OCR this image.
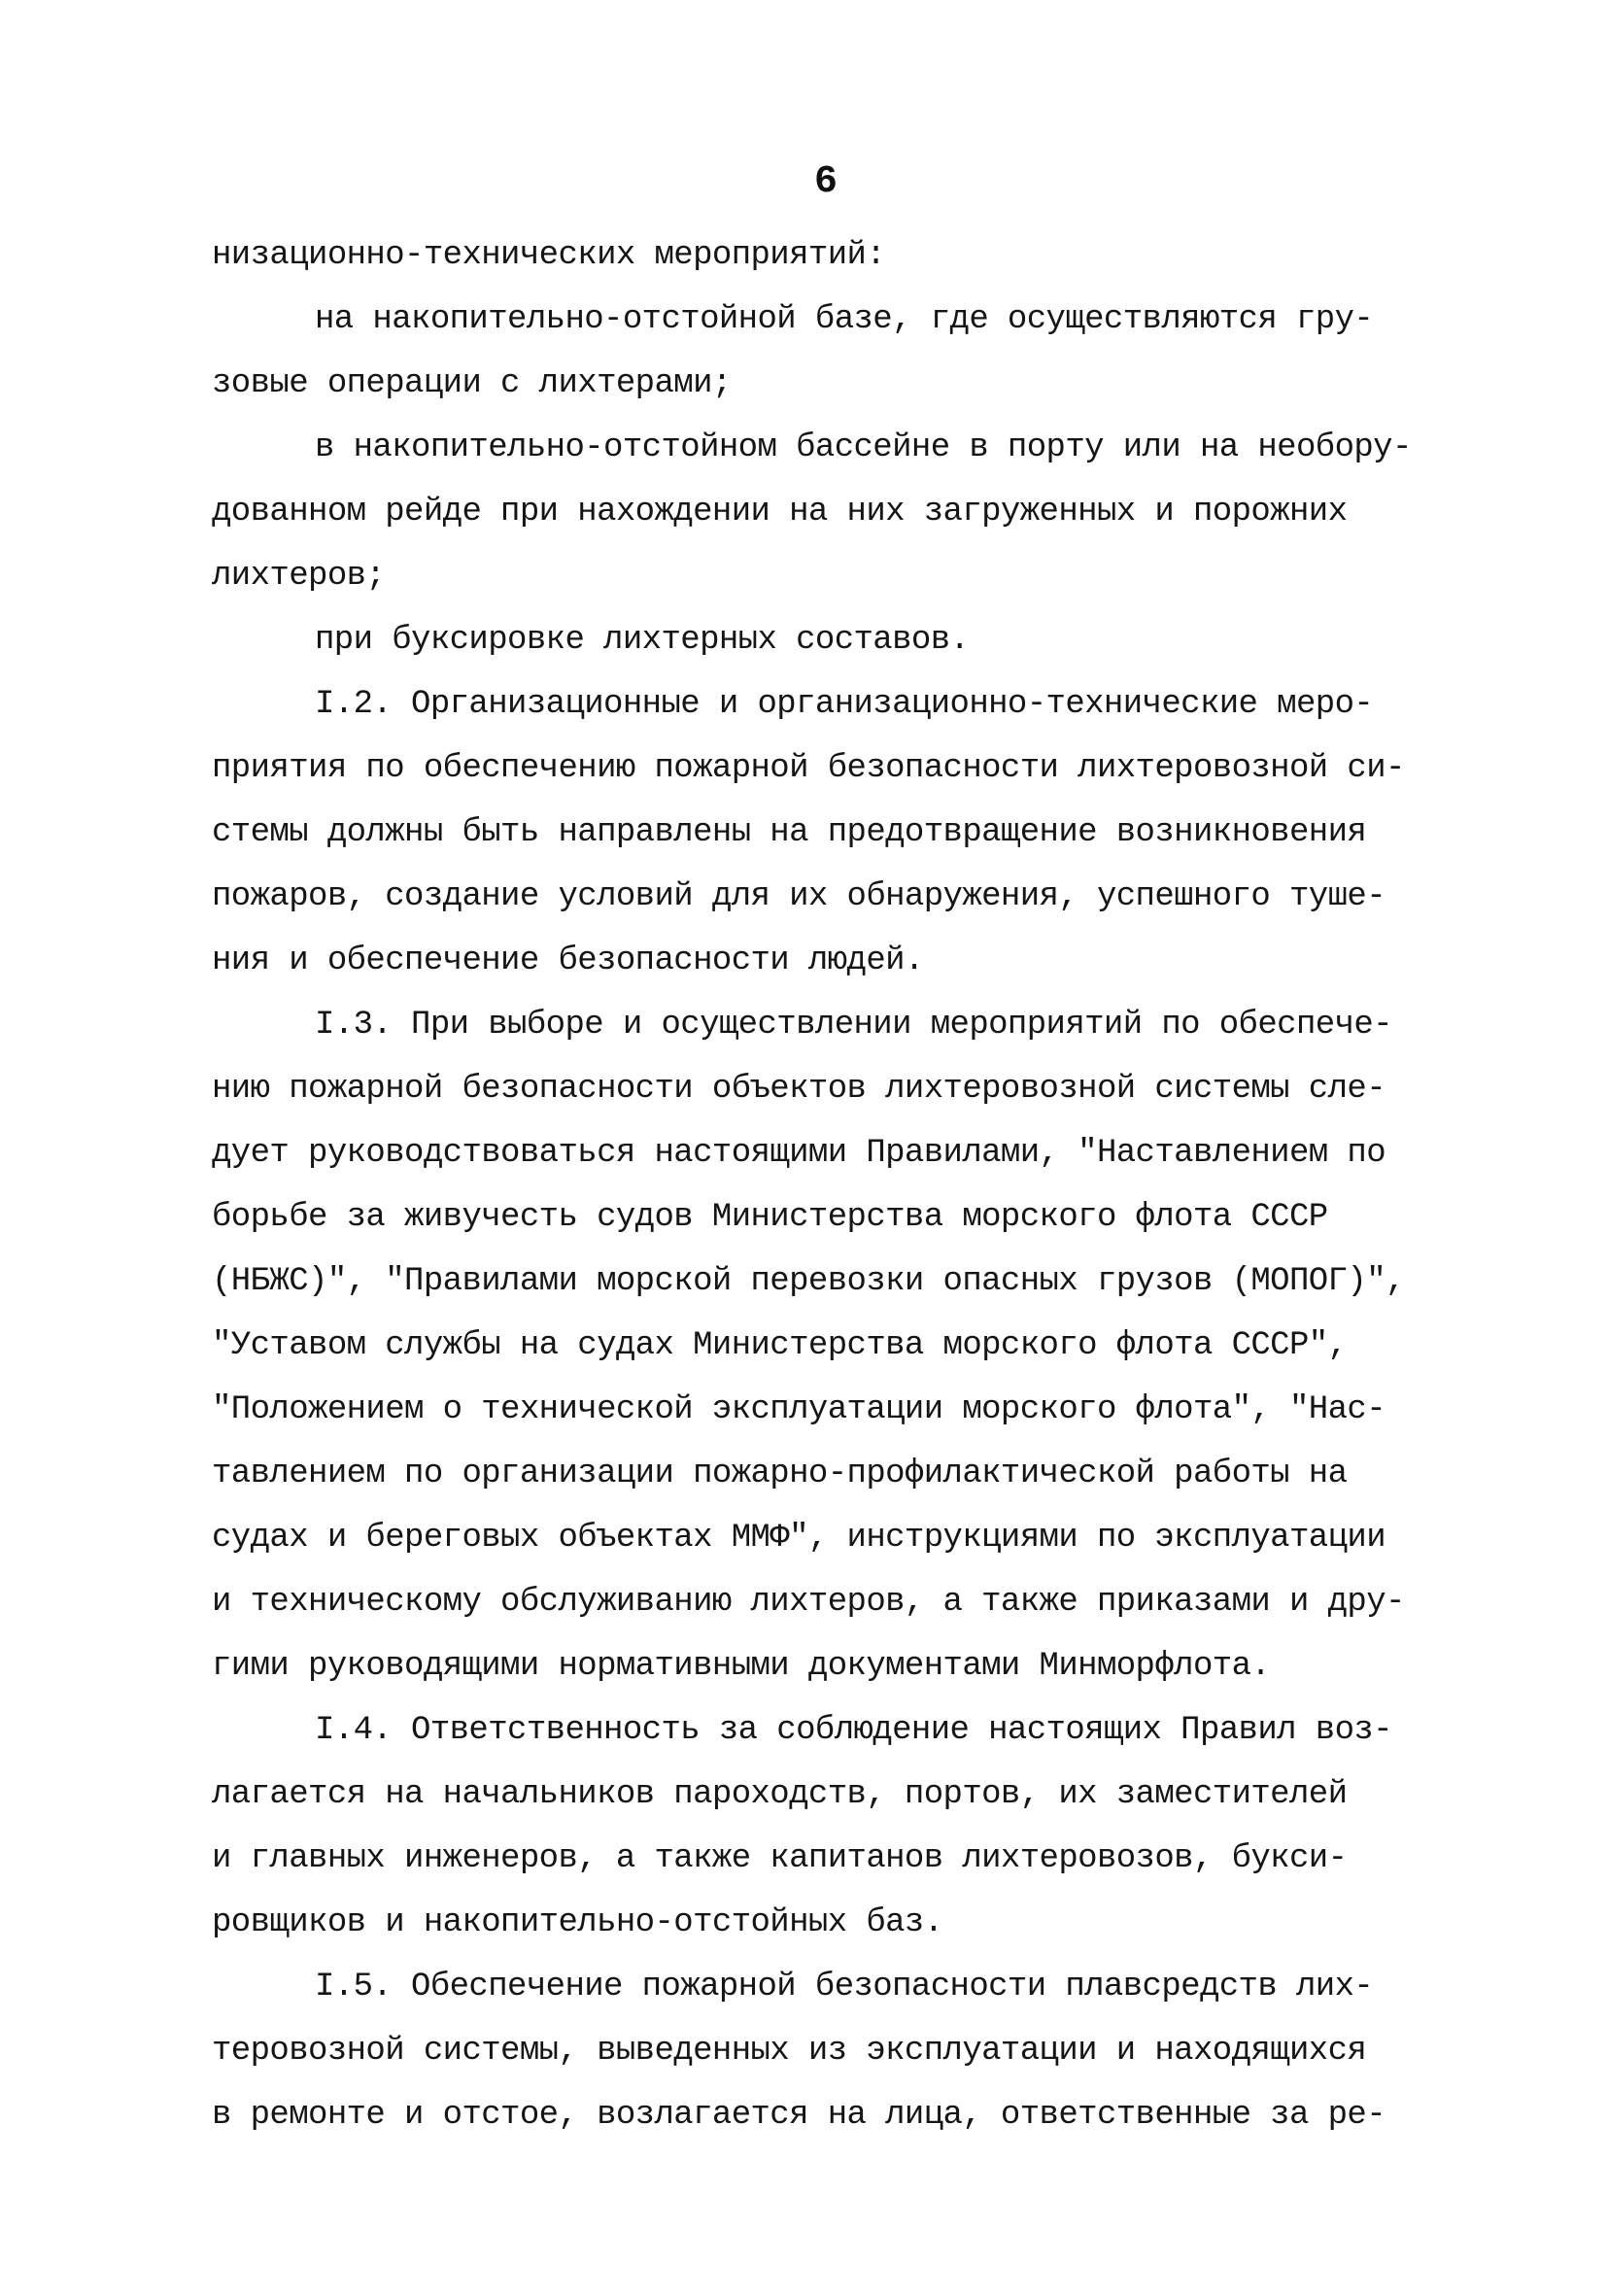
6
низационно-технических мероприятий:
на накопительно-отстойной базе, где осуществляются гру-
зовые операции с лихтерами;
в накопительно-отстойном бассейне в порту или на необору-
дованном рейде при нахождении на них загруженных и порожних
лихтеров;
при буксировке лихтерных составов.
I.2. Организационные и организационно-технические меро-
приятия по обеспечению пожарной безопасности лихтеровозной си-
стемы должны быть направлены на предотвращение возникновения
пожаров, создание условий для их обнаружения, успешного туше-
ния и обеспечение безопасности людей.
I.3. При выборе и осуществлении мероприятий по обеспече-
нию пожарной безопасности объектов лихтеровозной системы сле-
дует руководствоваться настоящими Правилами, "Наставлением по
борьбе за живучесть судов Министерства морского флота СССР
(НБЖС)", "Правилами морской перевозки опасных грузов (МОПОГ)",
"Уставом службы на судах Министерства морского флота СССР",
"Положением о технической эксплуатации морского флота", "Нас-
тавлением по организации пожарно-профилактической работы на
судах и береговых объектах ММФ", инструкциями по эксплуатации
и техническому обслуживанию лихтеров, а также приказами и дру-
гими руководящими нормативными документами Минморфлота.
I.4. Ответственность за соблюдение настоящих Правил воз-
лагается на начальников пароходств, портов, их заместителей
и главных инженеров, а также капитанов лихтеровозов, букси-
ровщиков и накопительно-отстойных баз.
I.5. Обеспечение пожарной безопасности плавсредств лих-
теровозной системы, выведенных из эксплуатации и находящихся
в ремонте и отстое, возлагается на лица, ответственные за ре-
